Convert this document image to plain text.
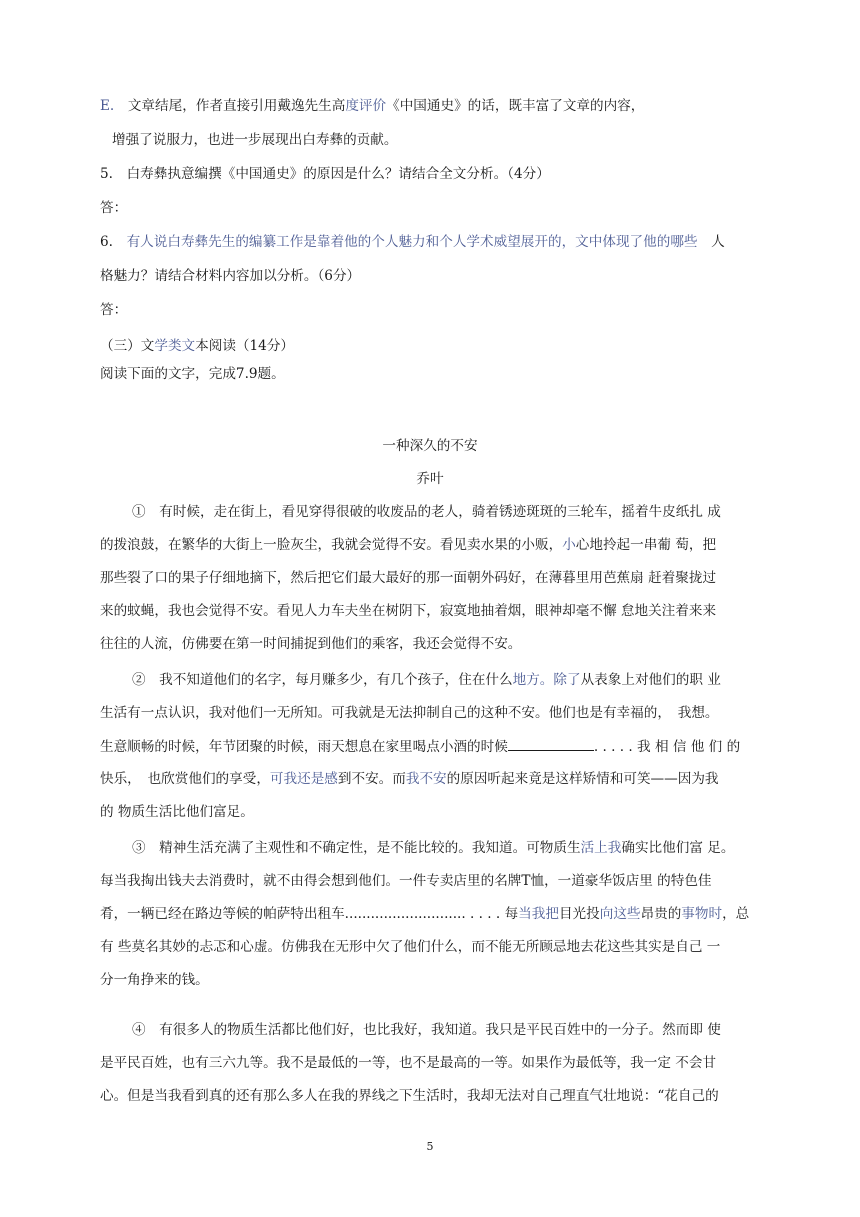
E.　 文章结尾，作者直接引用戴逸先生高度评价《中国通史》的话，既丰富了文章的内容，
增强了说服力，也进一步展现出白寿彝的贡献。
5.　白寿彝执意编撰《中国通史》的原因是什么？请结合全文分析。（4分）
答：
6.　 有人说白寿彝先生的编纂工作是靠着他的个人魅力和个人学术威望展开的，文中体现了他的哪些　 人
格魅力？请结合材料内容加以分析。（6分）
答：
（三）文学类文本阅读（14分）
阅读下面的文字，完成7.9题。
一种深久的不安
乔叶
①　有时候，走在街上，看见穿得很破的收废品的老人，骑着锈迹斑斑的三轮车，摇着牛皮纸扎 成
的拨浪鼓，在繁华的大街上一脸灰尘，我就会觉得不安。看见卖水果的小贩，小心地拎起一串葡 萄，把
那些裂了口的果子仔细地摘下，然后把它们最大最好的那一面朝外码好，在薄暮里用芭蕉扇 赶着聚拢过
来的蚊蝇，我也会觉得不安。看见人力车夫坐在树阴下，寂寞地抽着烟，眼神却毫不懈 怠地关注着来来
往往的人流，仿佛要在第一时间捕捉到他们的乘客，我还会觉得不安。
②　我不知道他们的名字，每月赚多少，有几个孩子，住在什么地方。除了从表象上对他们的职 业
生活有一点认识，我对他们一无所知。可我就是无法抑制自己的这种不安。他们也是有幸福的，　我想。
生意顺畅的时候，年节团聚的时候，雨天想息在家里喝点小酒的时候	. . . . . 我 相 信 他 们 的
快乐，　也欣赏他们的享受，可我还是感到不安。而我不安的原因听起来竟是这样矫情和可笑——因为我
的 物质生活比他们富足。
③　精神生活充满了主观性和不确定性，是不能比较的。我知道。可物质生活上我确实比他们富 足。
每当我掏出钱夫去消费时，就不由得会想到他们。一件专卖店里的名牌T恤，一道豪华饭店里 的特色佳
肴，一辆已经在路边等候的帕萨特出租车............................ . . . . 每当我把目光投向这些昂贵的事物时，总
有 些莫名其妙的忐忑和心虚。仿佛我在无形中欠了他们什么，而不能无所顾忌地去花这些其实是自己 一
分一角挣来的钱。
④　有很多人的物质生活都比他们好，也比我好，我知道。我只是平民百姓中的一分子。然而即 使
是平民百姓，也有三六九等。我不是最低的一等，也不是最高的一等。如果作为最低等，我一定 不会甘
心。但是当我看到真的还有那么多人在我的界线之下生活时，我却无法对自己理直气壮地说：“花自己的
5
